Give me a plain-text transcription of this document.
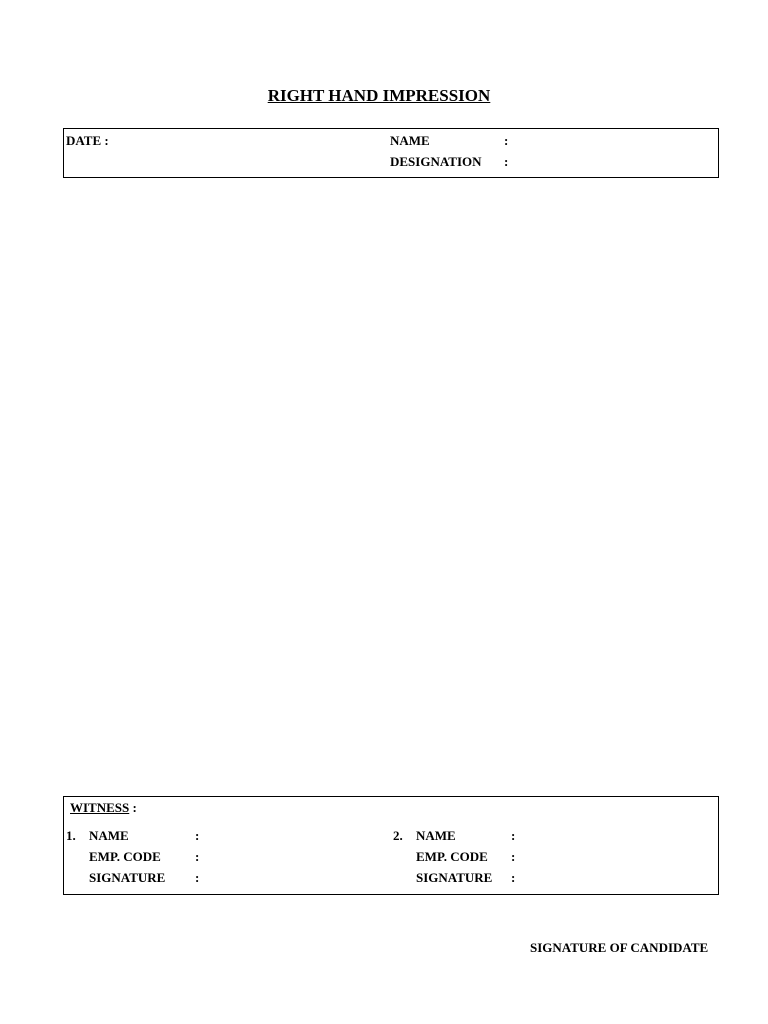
RIGHT HAND IMPRESSION
DATE :	NAME	:
DESIGNATION :
WITNESS :
1. NAME	:
EMP. CODE	:
SIGNATURE :
2. NAME	:
EMP. CODE :
SIGNATURE :
SIGNATURE OF CANDIDATE
